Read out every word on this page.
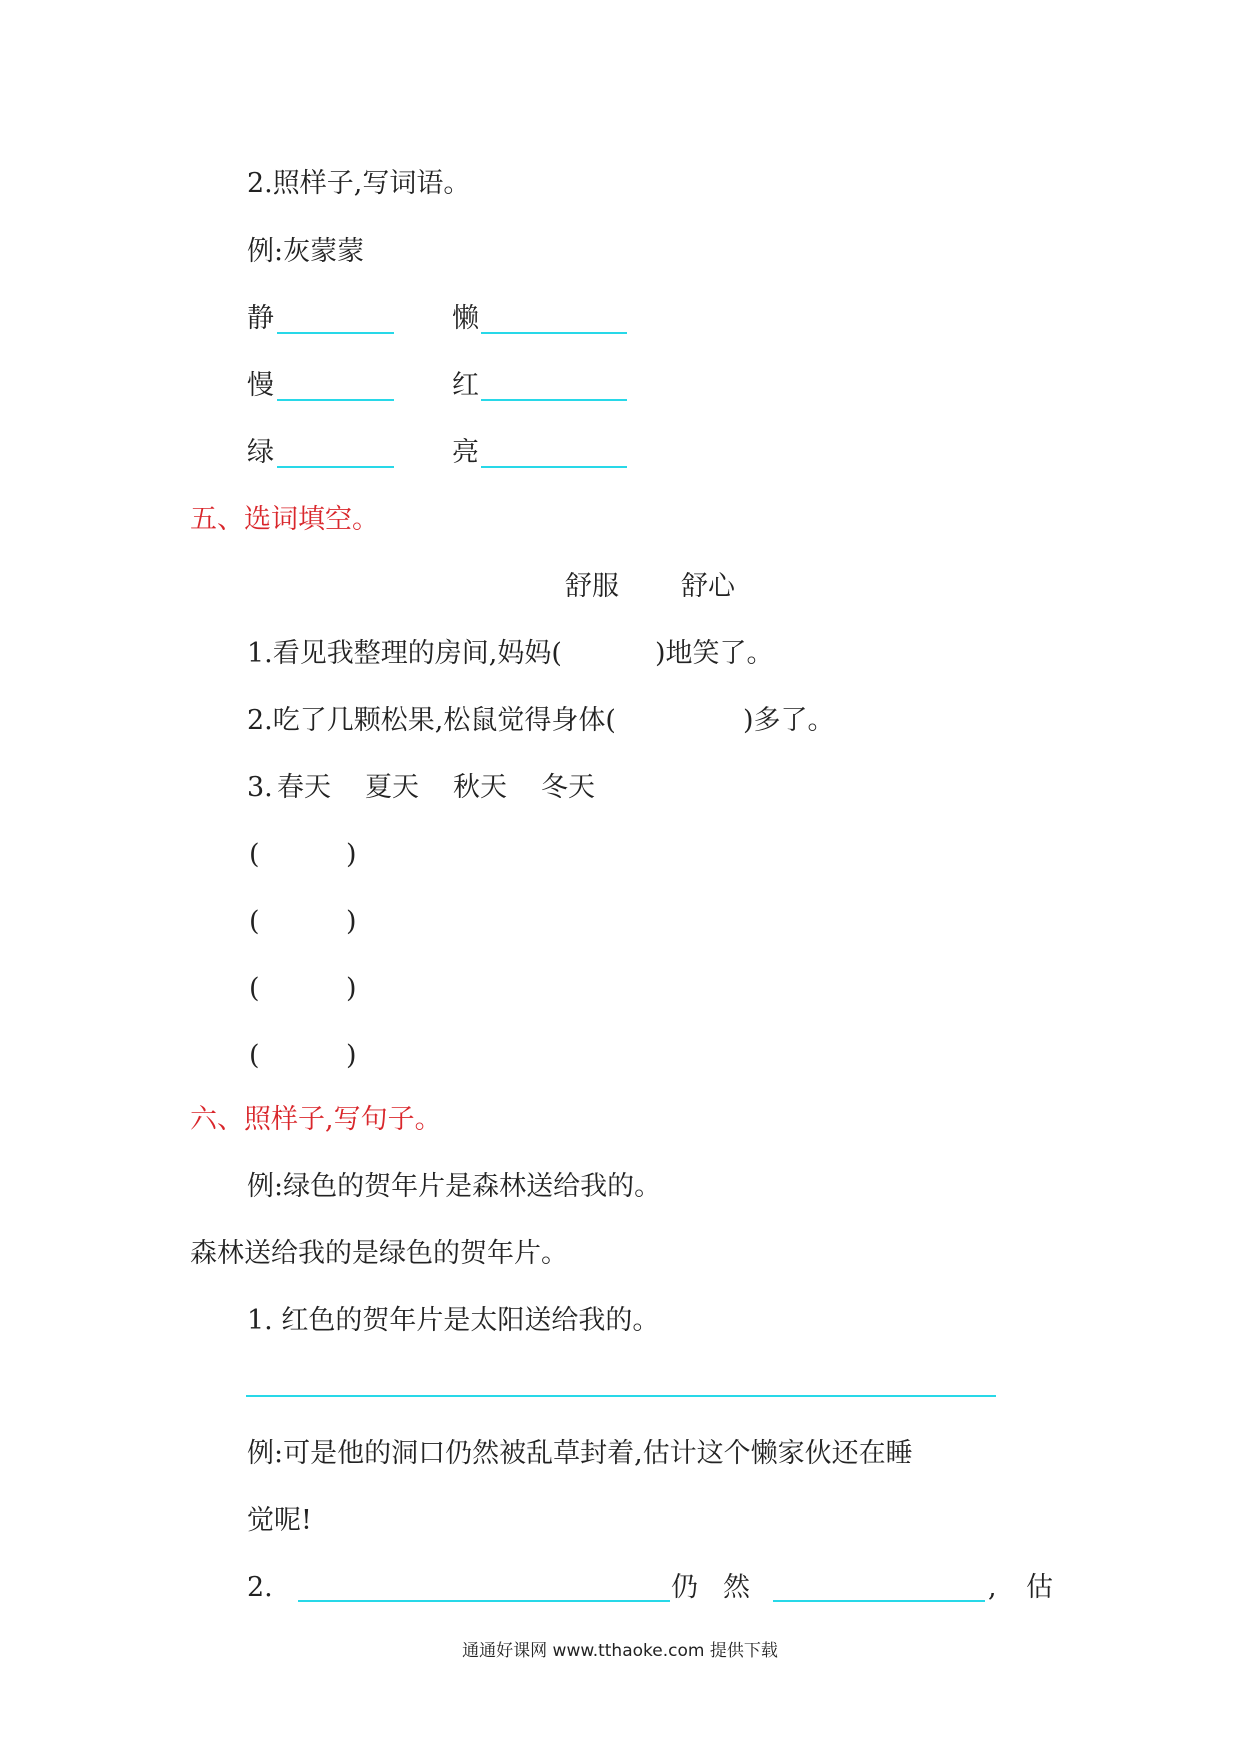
2.照样子,写词语。
例:灰蒙蒙
静	懒
慢	红
绿	亮
五、选词填空。
舒服 舒心
1.看见我整理的房间,妈妈(	)地笑了。
2.吃了几颗松果,松鼠觉得身体(	)多了。
3. 春天 夏天 秋天 冬天
(	)
(	)
(	)
(	)
六、照样子,写句子。
例:绿色的贺年片是森林送给我的。
森林送给我的是绿色的贺年片。
1. 红色的贺年片是太阳送给我的。
例:可是他的洞口仍然被乱草封着,估计这个懒家伙还在睡
觉呢!
2.	仍 然	, 估
通通好课网 www.tthaoke.com 提供下载
